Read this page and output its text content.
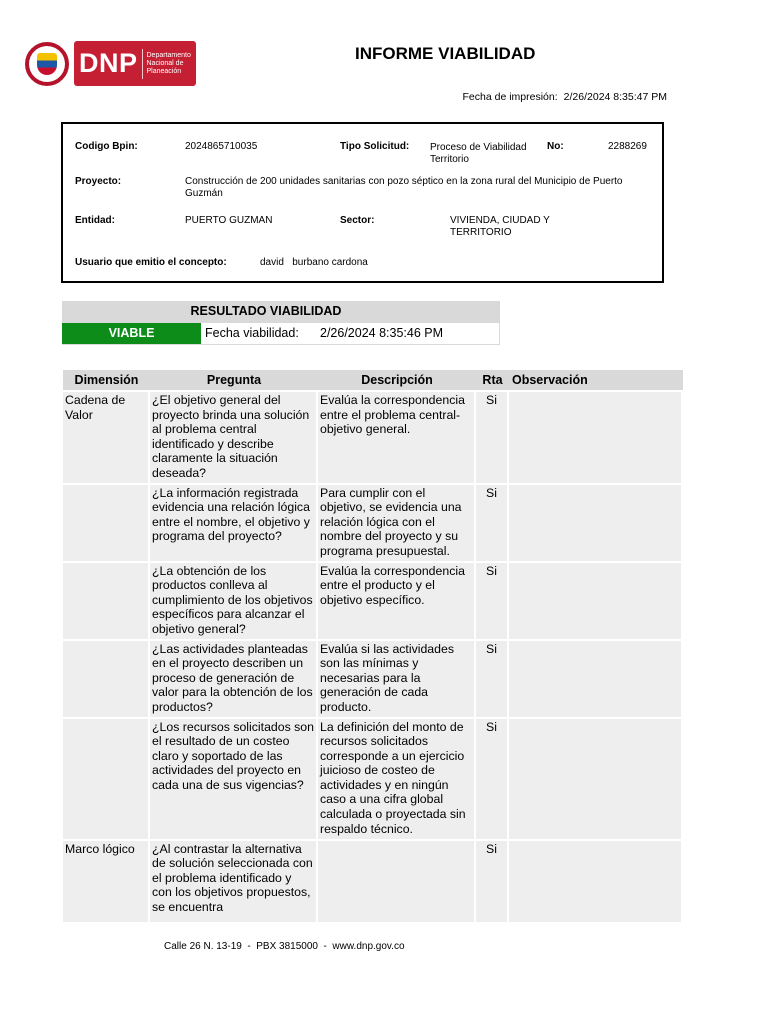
DNP Departamento Nacional de Planeación
INFORME VIABILIDAD
Fecha de impresión: 2/26/2024 8:35:47 PM
Codigo Bpin:	2024865710035	Tipo Solicitud: Proceso de Viabilidad Territorio
No:	2288269
Proyecto:	Construcción de 200 unidades sanitarias con pozo séptico en la zona rural del Municipio de Puerto Guzmán
Entidad:	PUERTO GUZMAN	Sector:	VIVIENDA, CIUDAD Y TERRITORIO
Usuario que emitio el concepto:	david   burbano cardona
RESULTADO VIABILIDAD
VIABLE	Fecha viabilidad:	2/26/2024 8:35:46 PM
Dimensión	Pregunta	Descripción	Rta	Observación
Cadena de Valor	¿El objetivo general del proyecto brinda una solución al problema central identificado y describe claramente la situación deseada?	Evalúa la correspondencia entre el problema central-objetivo general.	Si	
	¿La información registrada evidencia una relación lógica entre el nombre, el objetivo y programa del proyecto?	Para cumplir con el objetivo, se evidencia una relación lógica con el nombre del proyecto y su programa presupuestal.	Si	
	¿La obtención de los productos conlleva al cumplimiento de los objetivos específicos para alcanzar el objetivo general?	Evalúa la correspondencia entre el producto y el objetivo específico.	Si	
	¿Las actividades planteadas en el proyecto describen un proceso de generación de valor para la obtención de los productos?	Evalúa si las actividades son las mínimas y necesarias para la generación de cada producto.	Si	
	¿Los recursos solicitados son el resultado de un costeo claro y soportado de las actividades del proyecto en cada una de sus vigencias?	La definición del monto de recursos solicitados corresponde a un ejercicio juicioso de costeo de actividades y en ningún caso a una cifra global calculada o proyectada sin respaldo técnico.	Si	
Marco lógico	¿Al contrastar la alternativa de solución seleccionada con el problema identificado y con los objetivos propuestos, se encuentra		Si	
Calle 26 N. 13-19  -  PBX 3815000  -  www.dnp.gov.co
